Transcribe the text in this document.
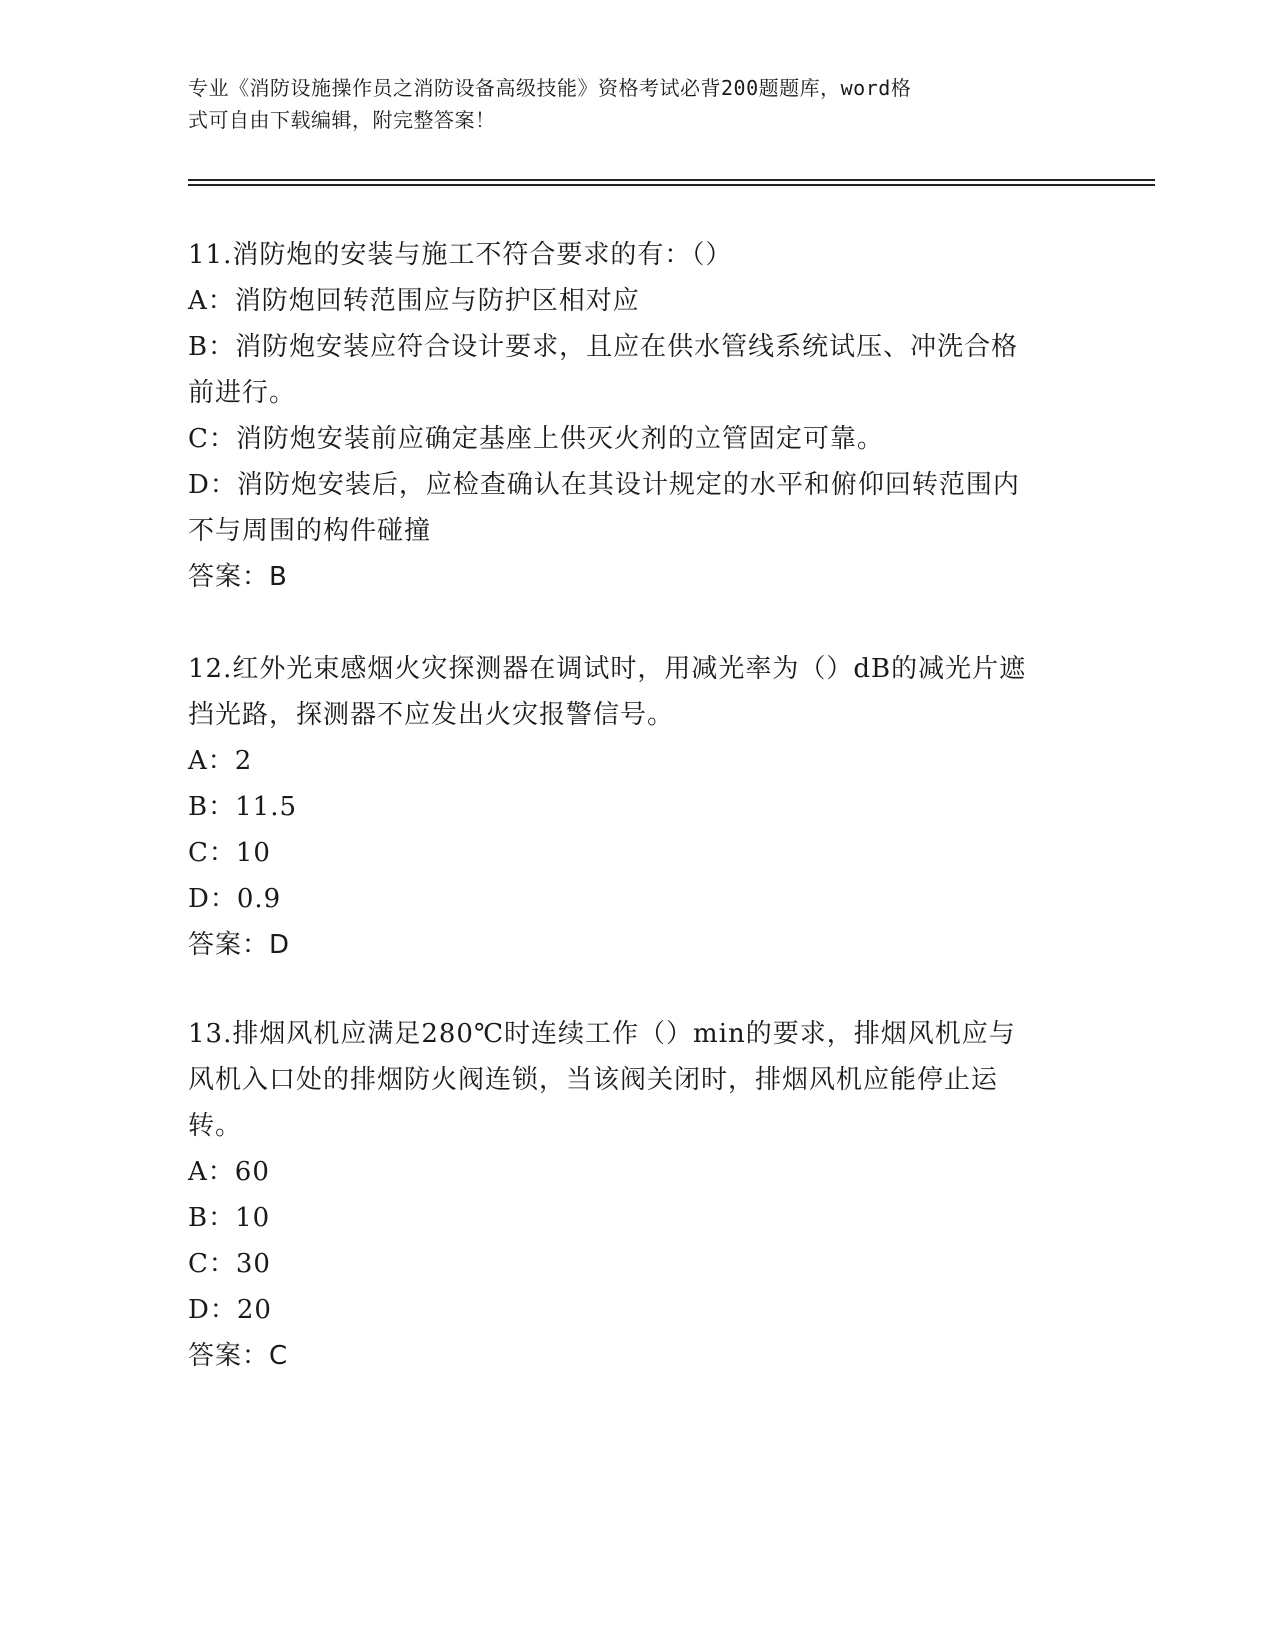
专业《消防设施操作员之消防设备高级技能》资格考试必背200题题库，word格
式可自由下载编辑，附完整答案！
11.消防炮的安装与施工不符合要求的有：（）
A：消防炮回转范围应与防护区相对应
B：消防炮安装应符合设计要求，且应在供水管线系统试压、冲洗合格
前进行。
C：消防炮安装前应确定基座上供灭火剂的立管固定可靠。
D：消防炮安装后，应检查确认在其设计规定的水平和俯仰回转范围内
不与周围的构件碰撞
答案：B
12.红外光束感烟火灾探测器在调试时，用减光率为（）dB的减光片遮
挡光路，探测器不应发出火灾报警信号。
A：2
B：11.5
C：10
D：0.9
答案：D
13.排烟风机应满足280℃时连续工作（）min的要求，排烟风机应与
风机入口处的排烟防火阀连锁，当该阀关闭时，排烟风机应能停止运
转。
A：60
B：10
C：30
D：20
答案：C
